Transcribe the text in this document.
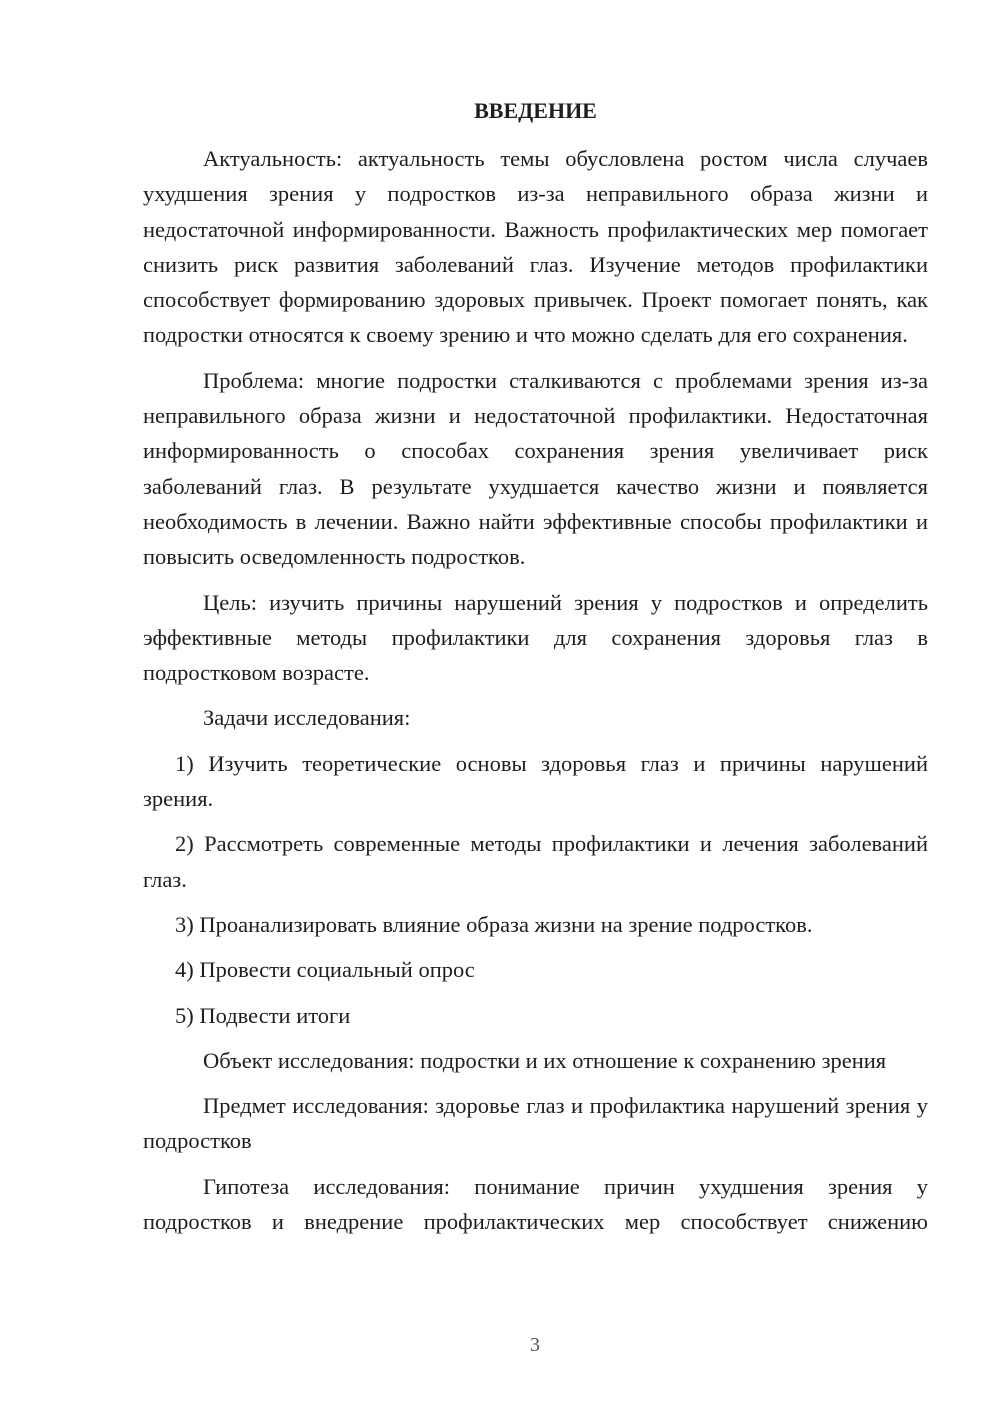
ВВЕДЕНИЕ

Актуальность: актуальность темы обусловлена ростом числа случаев ухудшения зрения у подростков из-за неправильного образа жизни и недостаточной информированности. Важность профилактических мер помогает снизить риск развития заболеваний глаз. Изучение методов профилактики способствует формированию здоровых привычек. Проект помогает понять, как подростки относятся к своему зрению и что можно сделать для его сохранения.

Проблема: многие подростки сталкиваются с проблемами зрения из-за неправильного образа жизни и недостаточной профилактики. Недостаточная информированность о способах сохранения зрения увеличивает риск заболеваний глаз. В результате ухудшается качество жизни и появляется необходимость в лечении. Важно найти эффективные способы профилактики и повысить осведомленность подростков.

Цель: изучить причины нарушений зрения у подростков и определить эффективные методы профилактики для сохранения здоровья глаз в подростковом возрасте.

Задачи исследования:

1) Изучить теоретические основы здоровья глаз и причины нарушений зрения.

2) Рассмотреть современные методы профилактики и лечения заболеваний глаз.

3) Проанализировать влияние образа жизни на зрение подростков.

4) Провести социальный опрос

5) Подвести итоги

Объект исследования: подростки и их отношение к сохранению зрения

Предмет исследования: здоровье глаз и профилактика нарушений зрения у подростков

Гипотеза исследования: понимание причин ухудшения зрения у подростков и внедрение профилактических мер способствует снижению

3
